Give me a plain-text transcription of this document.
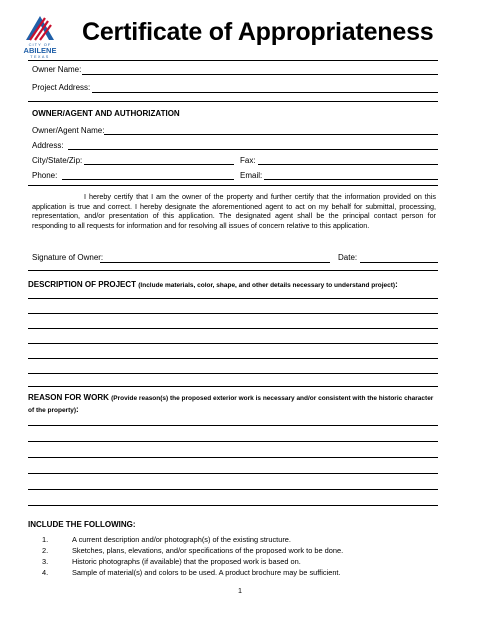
CITY OF
ABILENE
TEXAS
Certificate of Appropriateness
Owner Name:
Project Address:
OWNER/AGENT AND AUTHORIZATION
Owner/Agent Name:
Address:
City/State/Zip:	Fax:
Phone:	Email:
I hereby certify that I am the owner of the property and further certify that the information provided on this application is true and correct. I hereby designate the aforementioned agent to act on my behalf for submittal, processing, representation, and/or presentation of this application. The designated agent shall be the principal contact person for responding to all requests for information and for resolving all issues of concern relative to this application.
Signature of Owner:	Date:
DESCRIPTION OF PROJECT (Include materials, color, shape, and other details necessary to understand project):
REASON FOR WORK (Provide reason(s) the proposed exterior work is necessary and/or consistent with the historic character of the property):
INCLUDE THE FOLLOWING:
1.	A current description and/or photograph(s) of the existing structure.
2.	Sketches, plans, elevations, and/or specifications of the proposed work to be done.
3.	Historic photographs (if available) that the proposed work is based on.
4.	Sample of material(s) and colors to be used. A product brochure may be sufficient.
1
